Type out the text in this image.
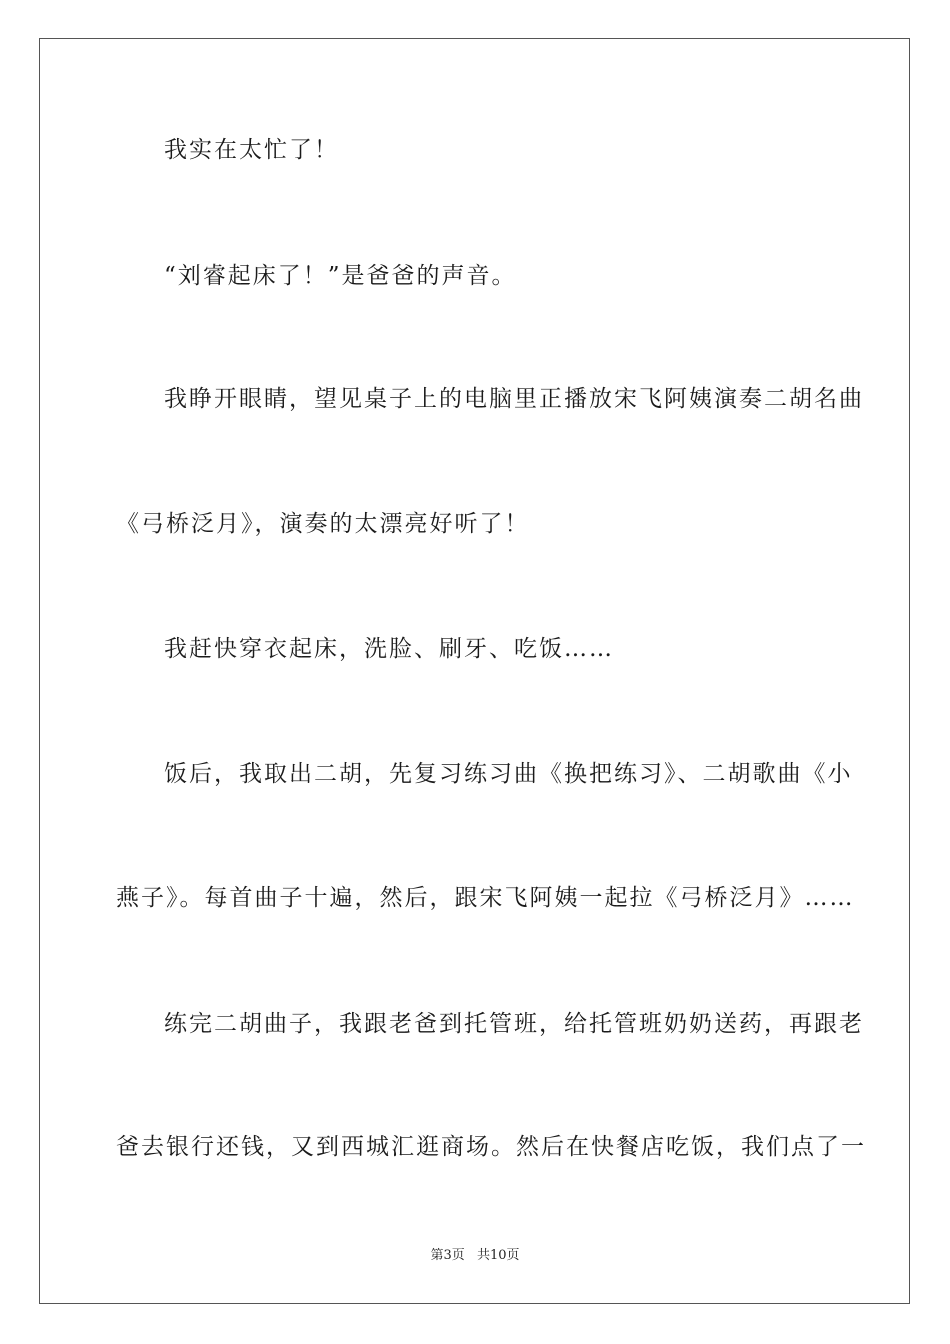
我实在太忙了！
“刘睿起床了！”是爸爸的声音。
我睁开眼睛，望见桌子上的电脑里正播放宋飞阿姨演奏二胡名曲
《弓桥泛月》，演奏的太漂亮好听了！
我赶快穿衣起床，洗脸、刷牙、吃饭……
饭后，我取出二胡，先复习练习曲《换把练习》、二胡歌曲《小
燕子》。每首曲子十遍，然后，跟宋飞阿姨一起拉《弓桥泛月》……
练完二胡曲子，我跟老爸到托管班，给托管班奶奶送药，再跟老
爸去银行还钱，又到西城汇逛商场。然后在快餐店吃饭，我们点了一
第3页 共10页
